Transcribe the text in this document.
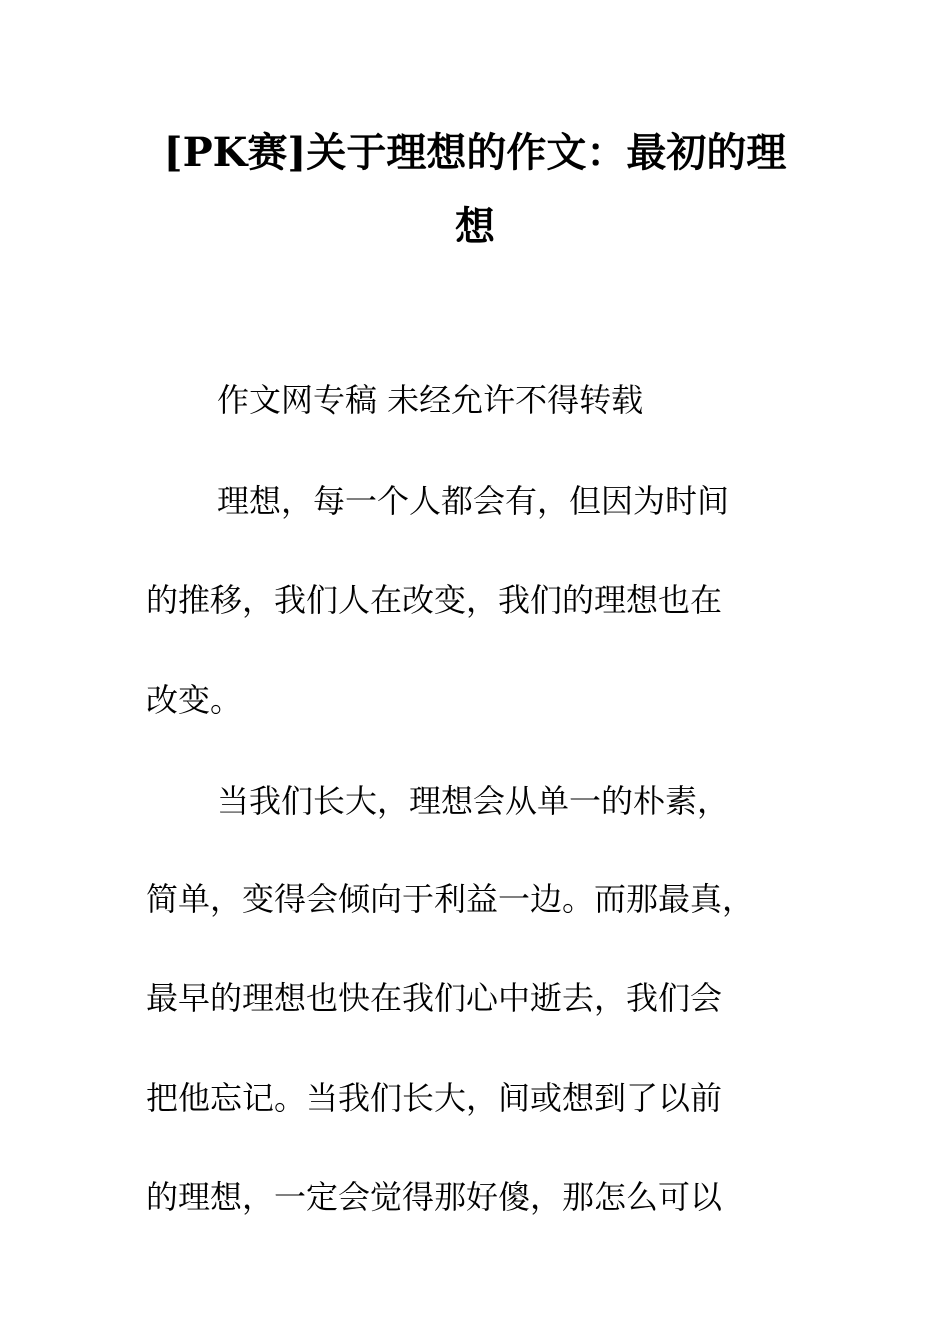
[PK赛]关于理想的作文：最初的理
想

作文网专稿 未经允许不得转载

理想，每一个人都会有，但因为时间

的推移，我们人在改变，我们的理想也在

改变。

当我们长大，理想会从单一的朴素，

简单，变得会倾向于利益一边。而那最真，

最早的理想也快在我们心中逝去，我们会

把他忘记。当我们长大，间或想到了以前

的理想，一定会觉得那好傻，那怎么可以
